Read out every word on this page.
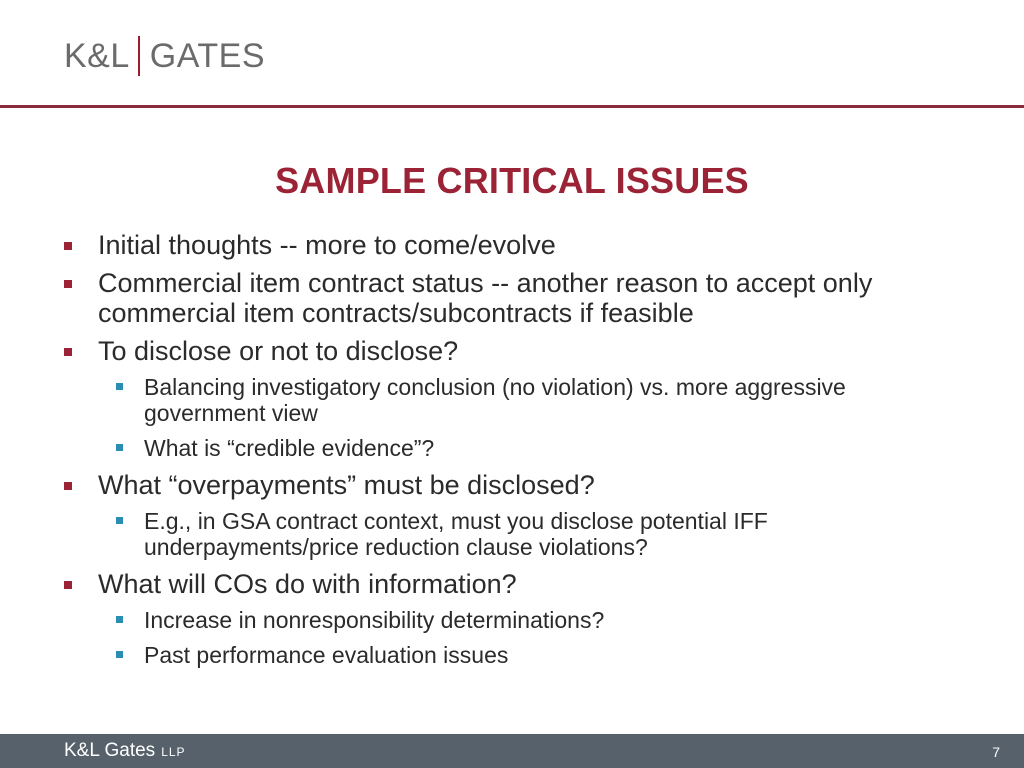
K&L GATES
SAMPLE CRITICAL ISSUES
Initial thoughts -- more to come/evolve
Commercial item contract status -- another reason to accept only commercial item contracts/subcontracts if feasible
To disclose or not to disclose?
Balancing investigatory conclusion (no violation) vs. more aggressive government view
What is “credible evidence”?
What “overpayments” must be disclosed?
E.g., in GSA contract context, must you disclose potential IFF underpayments/price reduction clause violations?
What will COs do with information?
Increase in nonresponsibility determinations?
Past performance evaluation issues
K&L Gates LLP	7
